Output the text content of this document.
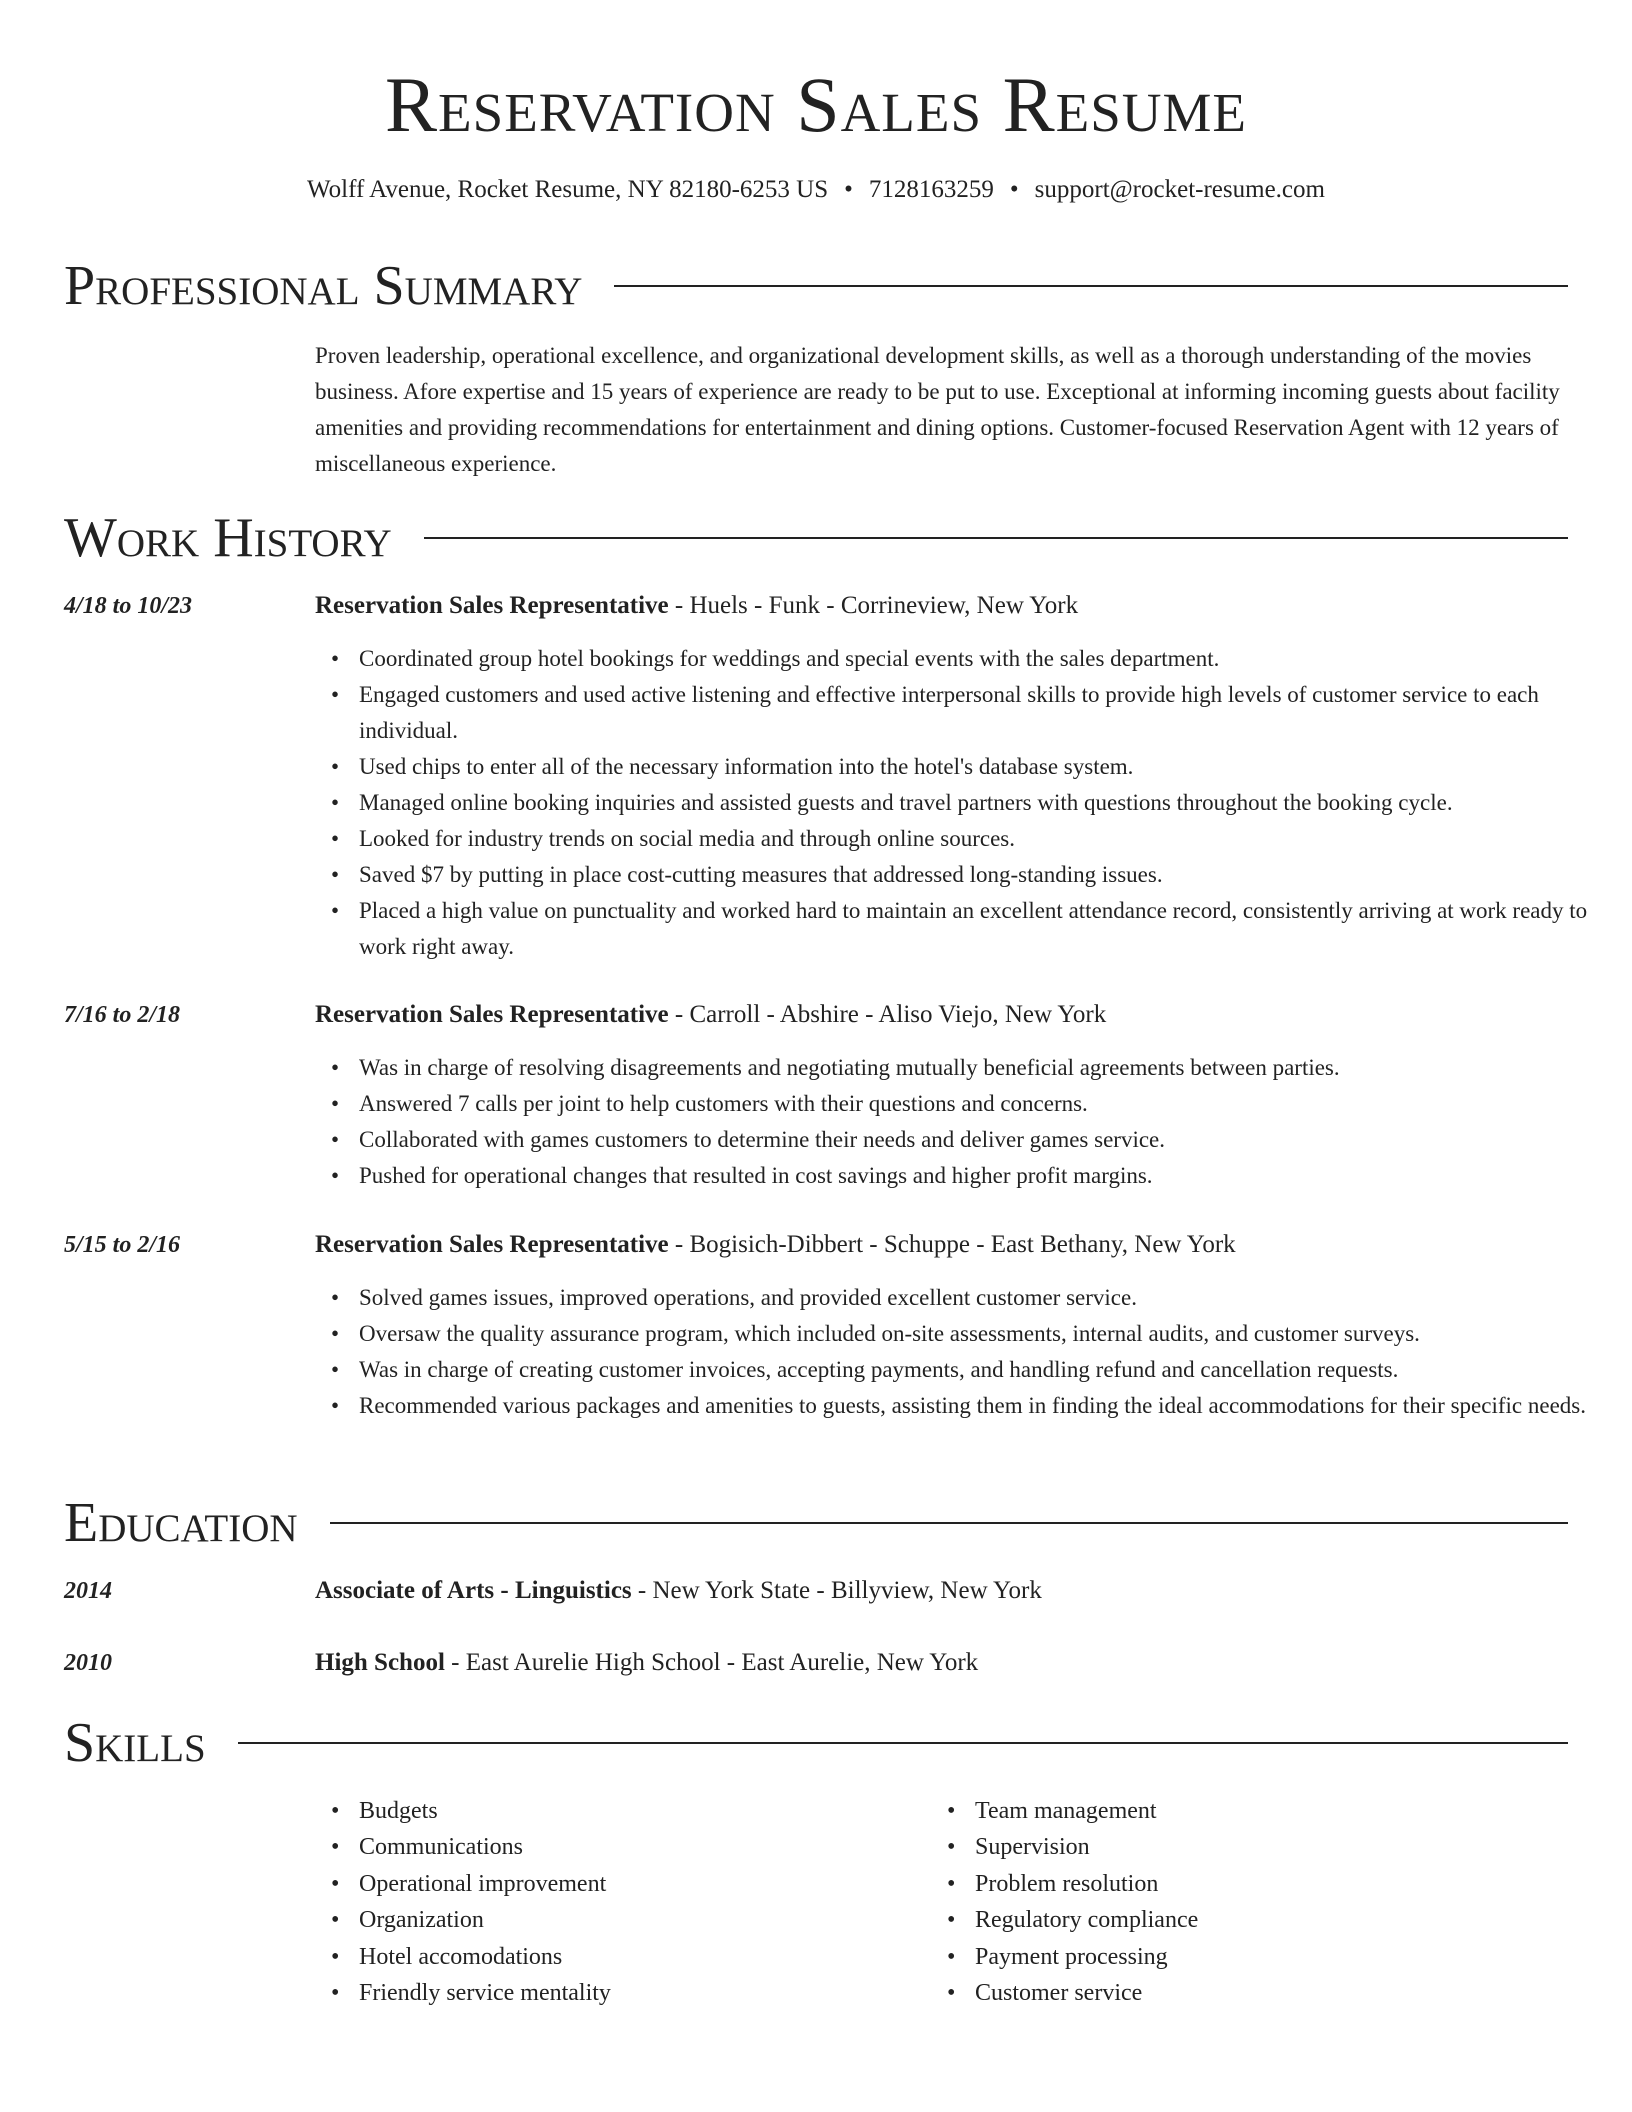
Reservation Sales Resume
Wolff Avenue, Rocket Resume, NY 82180-6253 US • 7128163259 • support@rocket-resume.com
Professional Summary

Proven leadership, operational excellence, and organizational development skills, as well as a thorough understanding of the movies business. Afore expertise and 15 years of experience are ready to be put to use. Exceptional at informing incoming guests about facility amenities and providing recommendations for entertainment and dining options. Customer-focused Reservation Agent with 12 years of miscellaneous experience.

Work History
4/18 to 10/23	Reservation Sales Representative - Huels - Funk - Corrineview, New York
• Coordinated group hotel bookings for weddings and special events with the sales department.
• Engaged customers and used active listening and effective interpersonal skills to provide high levels of customer service to each individual.
• Used chips to enter all of the necessary information into the hotel's database system.
• Managed online booking inquiries and assisted guests and travel partners with questions throughout the booking cycle.
• Looked for industry trends on social media and through online sources.
• Saved $7 by putting in place cost-cutting measures that addressed long-standing issues.
• Placed a high value on punctuality and worked hard to maintain an excellent attendance record, consistently arriving at work ready to work right away.
7/16 to 2/18	Reservation Sales Representative - Carroll - Abshire - Aliso Viejo, New York
• Was in charge of resolving disagreements and negotiating mutually beneficial agreements between parties.
• Answered 7 calls per joint to help customers with their questions and concerns.
• Collaborated with games customers to determine their needs and deliver games service.
• Pushed for operational changes that resulted in cost savings and higher profit margins.
5/15 to 2/16	Reservation Sales Representative - Bogisich-Dibbert - Schuppe - East Bethany, New York
• Solved games issues, improved operations, and provided excellent customer service.
• Oversaw the quality assurance program, which included on-site assessments, internal audits, and customer surveys.
• Was in charge of creating customer invoices, accepting payments, and handling refund and cancellation requests.
• Recommended various packages and amenities to guests, assisting them in finding the ideal accommodations for their specific needs.
Education
2014	Associate of Arts - Linguistics - New York State - Billyview, New York
2010	High School - East Aurelie High School - East Aurelie, New York
Skills
• Budgets
• Communications
• Operational improvement
• Organization
• Hotel accomodations
• Friendly service mentality
• Team management
• Supervision
• Problem resolution
• Regulatory compliance
• Payment processing
• Customer service
